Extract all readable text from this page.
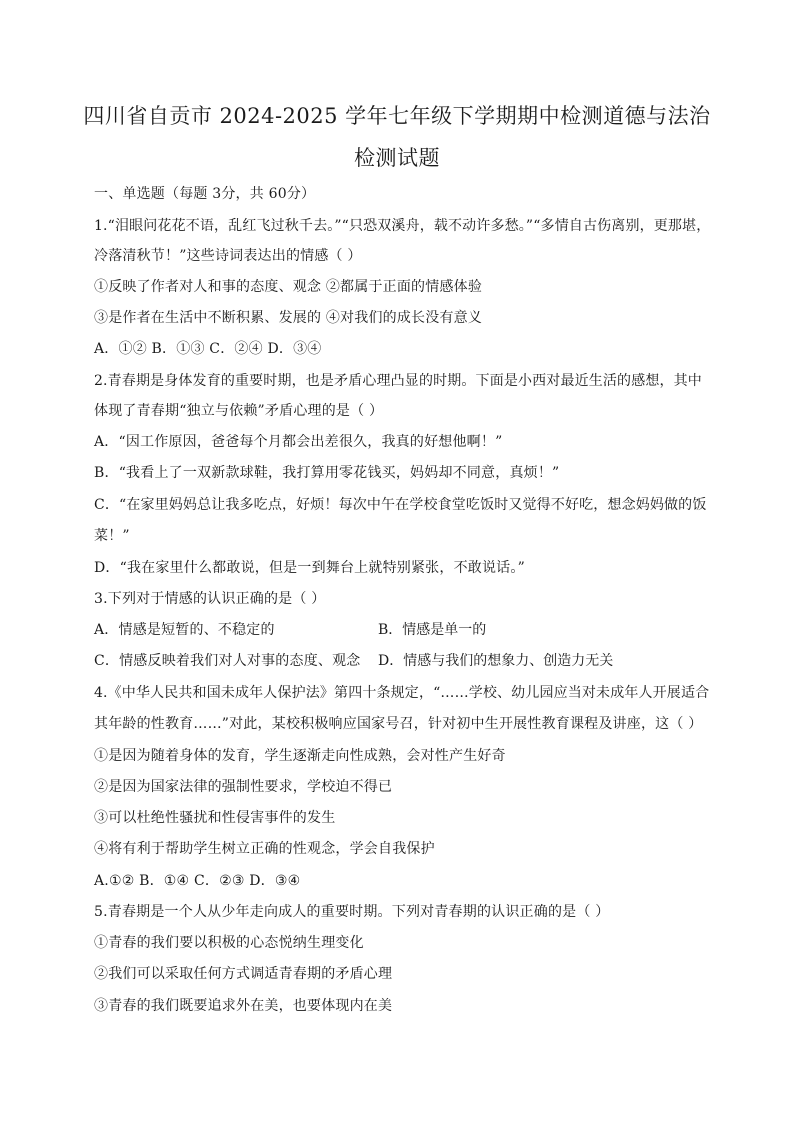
四川省自贡市 2024-2025 学年七年级下学期期中检测道德与法治
检测试题
一、单选题（每题 3分，共 60分）
1.“泪眼问花花不语，乱红飞过秋千去。”“只恐双溪舟，载不动许多愁。”“多情自古伤离别，更那堪，
冷落清秋节！”这些诗词表达出的情感（ ）
①反映了作者对人和事的态度、观念 ②都属于正面的情感体验
③是作者在生活中不断积累、发展的 ④对我们的成长没有意义
A．①② B．①③ C．②④ D．③④
2.青春期是身体发育的重要时期，也是矛盾心理凸显的时期。下面是小西对最近生活的感想，其中
体现了青春期“独立与依赖”矛盾心理的是（ ）
A．“因工作原因，爸爸每个月都会出差很久，我真的好想他啊！”
B．“我看上了一双新款球鞋，我打算用零花钱买，妈妈却不同意，真烦！”
C．“在家里妈妈总让我多吃点，好烦！每次中午在学校食堂吃饭时又觉得不好吃，想念妈妈做的饭
菜！”
D．“我在家里什么都敢说，但是一到舞台上就特别紧张，不敢说话。”
3.下列对于情感的认识正确的是（ ）
A．情感是短暂的、不稳定的	B．情感是单一的
C．情感反映着我们对人对事的态度、观念 D．情感与我们的想象力、创造力无关
4.《中华人民共和国未成年人保护法》第四十条规定，“……学校、幼儿园应当对未成年人开展适合
其年龄的性教育……”对此，某校积极响应国家号召，针对初中生开展性教育课程及讲座，这（ ）
①是因为随着身体的发育，学生逐渐走向性成熟，会对性产生好奇
②是因为国家法律的强制性要求，学校迫不得已
③可以杜绝性骚扰和性侵害事件的发生
④将有利于帮助学生树立正确的性观念，学会自我保护
A.①② B．①④ C．②③ D．③④
5.青春期是一个人从少年走向成人的重要时期。下列对青春期的认识正确的是（ ）
①青春的我们要以积极的心态悦纳生理变化
②我们可以采取任何方式调适青春期的矛盾心理
③青春的我们既要追求外在美，也要体现内在美
